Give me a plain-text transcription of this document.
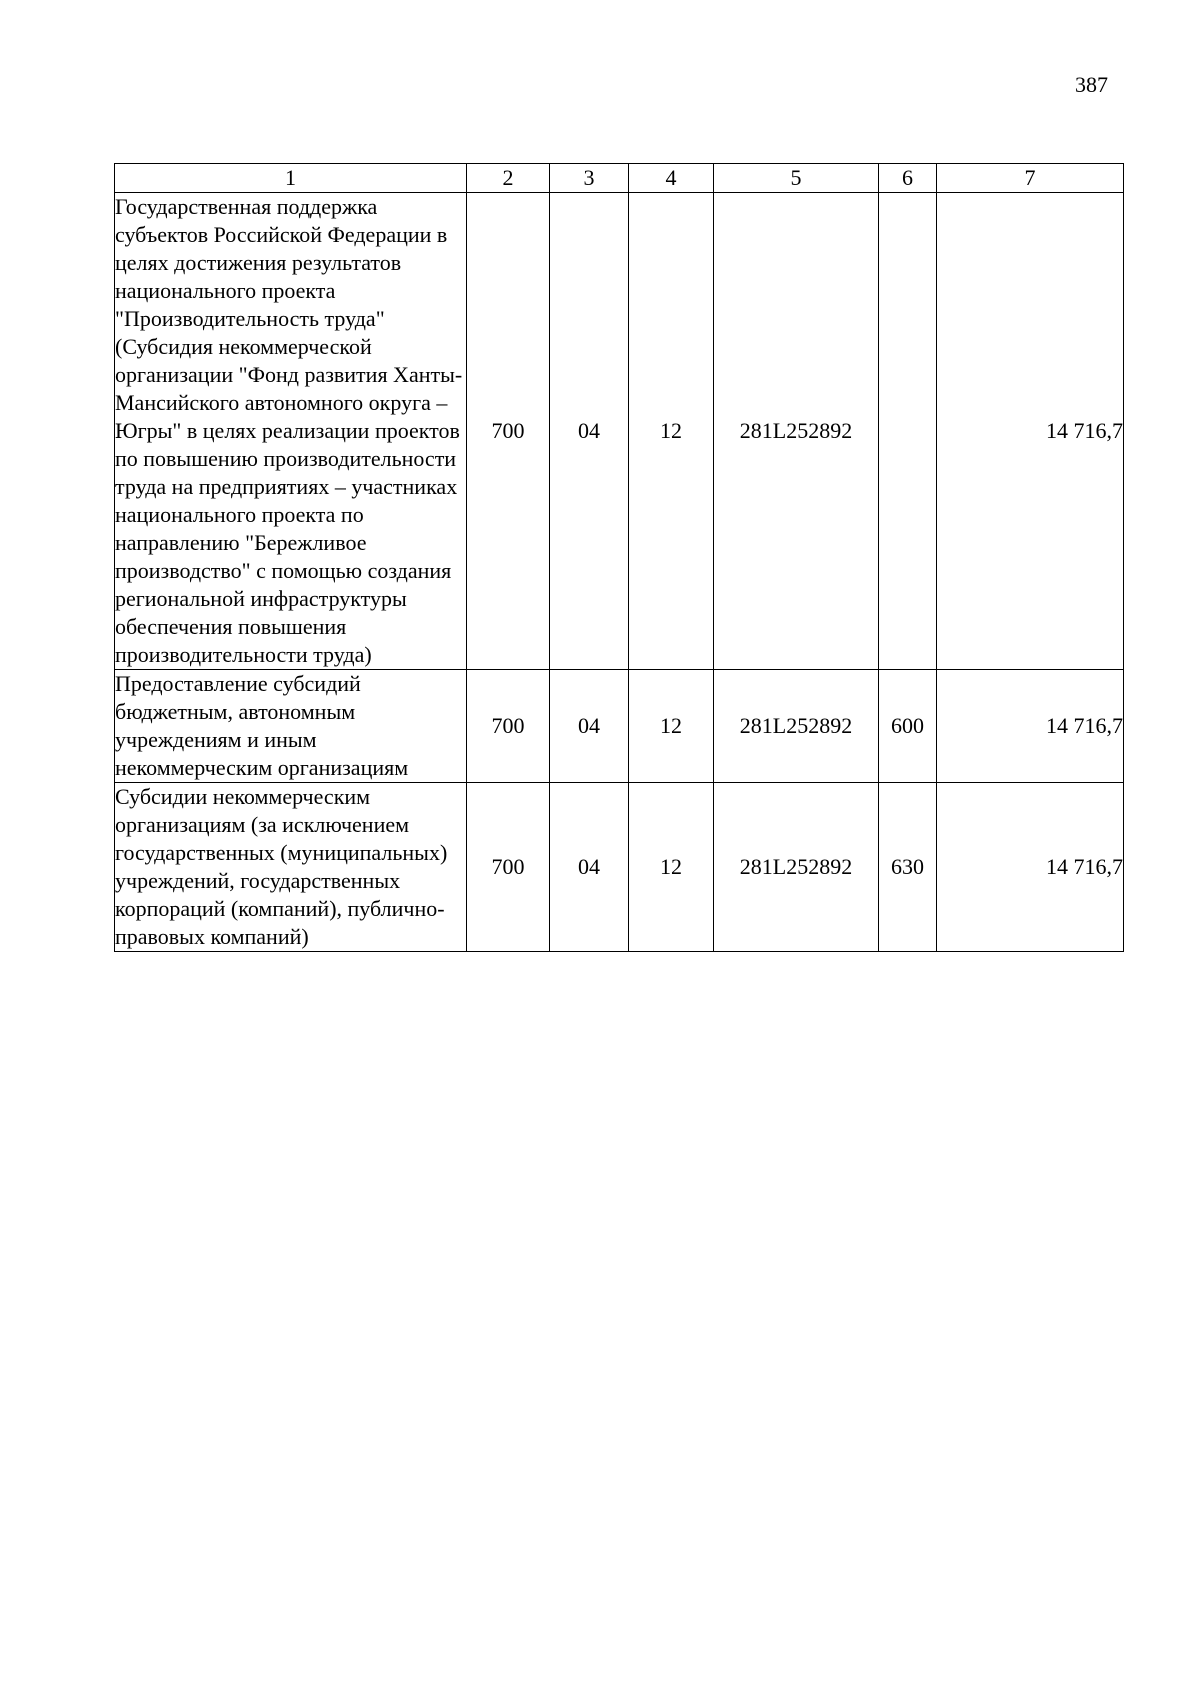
387
1	2	3	4	5	6	7
Государственная поддержка субъектов Российской Федерации в целях достижения результатов национального проекта "Производительность труда" (Субсидия некоммерческой организации "Фонд развития Ханты-Мансийского автономного округа – Югры" в целях реализации проектов по повышению производительности труда на предприятиях – участниках национального проекта по направлению "Бережливое производство" с помощью создания региональной инфраструктуры обеспечения повышения производительности труда)	700	04	12	281L252892		14 716,7
Предоставление субсидий бюджетным, автономным учреждениям и иным некоммерческим организациям	700	04	12	281L252892	600	14 716,7
Субсидии некоммерческим организациям (за исключением государственных (муниципальных) учреждений, государственных корпораций (компаний), публично-правовых компаний)	700	04	12	281L252892	630	14 716,7
